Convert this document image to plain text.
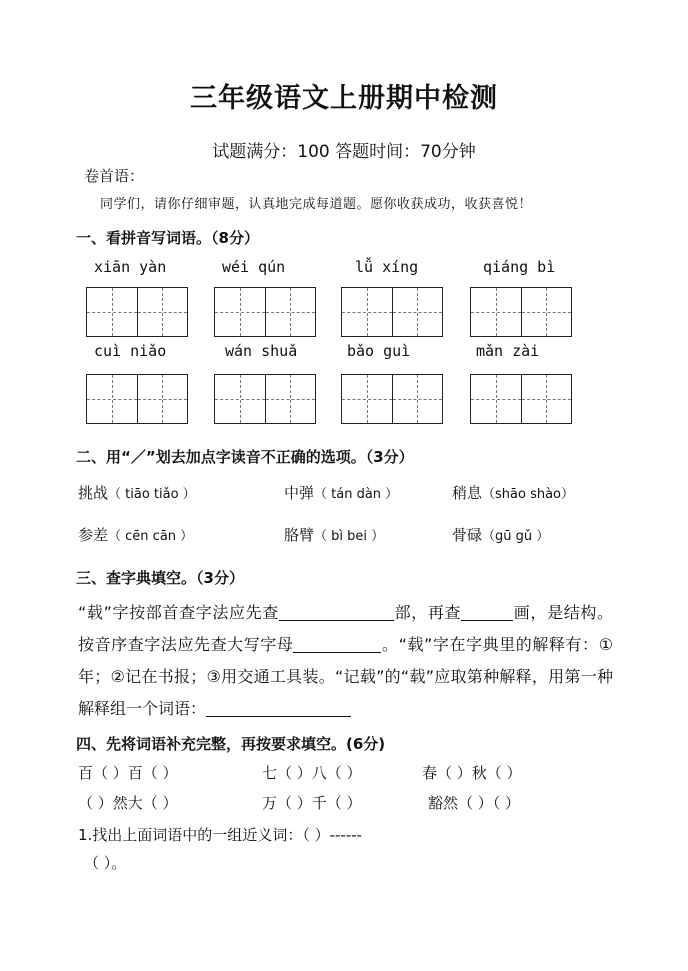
三年级语文上册期中检测
试题满分：100 答题时间：70分钟
卷首语：
同学们，请你仔细审题，认真地完成每道题。愿你收获成功，收获喜悦！
一、看拼音写词语。（8分）
xiān yàn	wéi qún	lǚ xíng	qiáng bì
cuì niǎo	wán shuǎ	bǎo guì	mǎn zài
二、用“／”划去加点字读音不正确的选项。（3分）
挑战（ tiāo tiǎo ）	中弹（ tán dàn ）	稍息（shāo shào）
参差（ cēn cān ）	胳臂（ bì bei ）	骨碌（gū gǔ ）
三、查字典填空。（3分）
“载”字按部首查字法应先查	部，再查	画，是结构。按音序查字法应先查大写字母	。“载”字在字典里的解释有：①年；②记在书报；③用交通工具装。“记载”的“载”应取第种解释，用第一种解释组一个词语：
四、先将词语补充完整，再按要求填空。(6分)
百（ ）百（ ）	七（ ）八（ ）	春（ ）秋（ ）
（ ）然大（ ）	万（ ）千（ ）	豁然（ ）（ ）
1.找出上面词语中的一组近义词：（ ）------
（ ）。
